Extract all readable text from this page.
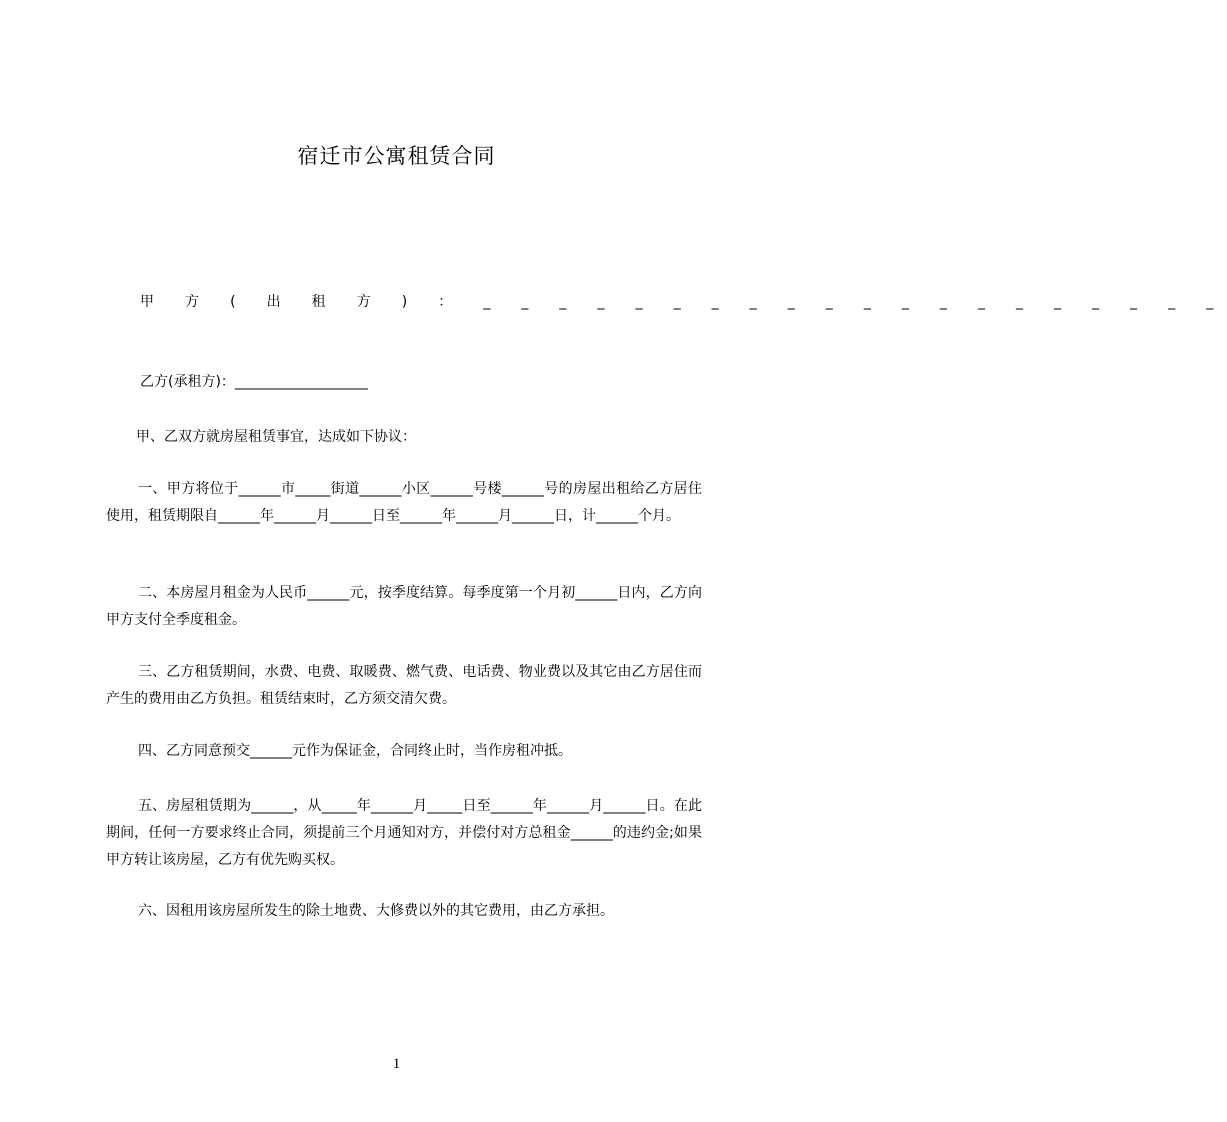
宿迁市公寓租赁合同
甲 方 ( 出 租 方 ) ： _ _ _ _ _ _ _ _ _ _ _ _ _ _ _ _ _ _ _ _
乙方(承租方)：___________________
甲、乙双方就房屋租赁事宜，达成如下协议：

一、甲方将位于______市_____街道______小区______号楼______号的房屋出租给乙方居住使用，租赁期限自______年______月______日至______年______月______日，计______个月。

二、本房屋月租金为人民币______元，按季度结算。每季度第一个月初______日内，乙方向甲方支付全季度租金。

三、乙方租赁期间，水费、电费、取暖费、燃气费、电话费、物业费以及其它由乙方居住而产生的费用由乙方负担。租赁结束时，乙方须交清欠费。

四、乙方同意预交______元作为保证金，合同终止时，当作房租冲抵。

五、房屋租赁期为______，从_____年______月_____日至______年______月______日。在此期间，任何一方要求终止合同，须提前三个月通知对方，并偿付对方总租金______的违约金;如果甲方转让该房屋，乙方有优先购买权。

六、因租用该房屋所发生的除土地费、大修费以外的其它费用，由乙方承担。

1
